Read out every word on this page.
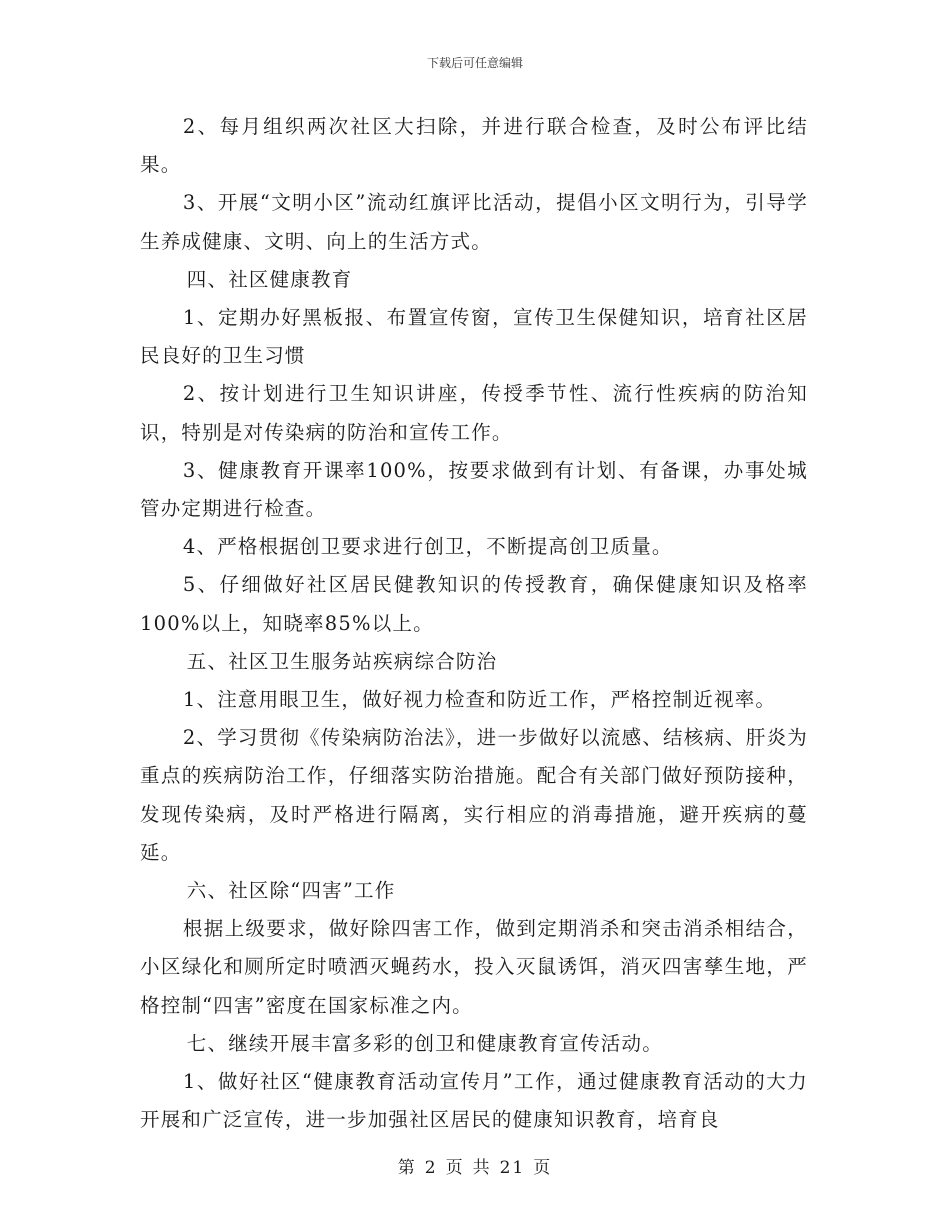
下载后可任意编辑

2、每月组织两次社区大扫除，并进行联合检查，及时公布评比结果。

3、开展“文明小区”流动红旗评比活动，提倡小区文明行为，引导学生养成健康、文明、向上的生活方式。

四、社区健康教育

1、定期办好黑板报、布置宣传窗，宣传卫生保健知识，培育社区居民良好的卫生习惯

2、按计划进行卫生知识讲座，传授季节性、流行性疾病的防治知识，特别是对传染病的防治和宣传工作。

3、健康教育开课率100%，按要求做到有计划、有备课，办事处城管办定期进行检查。

4、严格根据创卫要求进行创卫，不断提高创卫质量。

5、仔细做好社区居民健教知识的传授教育，确保健康知识及格率100%以上，知晓率85%以上。

五、社区卫生服务站疾病综合防治

1、注意用眼卫生，做好视力检查和防近工作，严格控制近视率。

2、学习贯彻《传染病防治法》，进一步做好以流感、结核病、肝炎为重点的疾病防治工作，仔细落实防治措施。配合有关部门做好预防接种，发现传染病，及时严格进行隔离，实行相应的消毒措施，避开疾病的蔓延。

六、社区除“四害”工作

根据上级要求，做好除四害工作，做到定期消杀和突击消杀相结合，小区绿化和厕所定时喷洒灭蝇药水，投入灭鼠诱饵，消灭四害孳生地，严格控制“四害”密度在国家标准之内。

七、继续开展丰富多彩的创卫和健康教育宣传活动。

1、做好社区“健康教育活动宣传月”工作，通过健康教育活动的大力开展和广泛宣传，进一步加强社区居民的健康知识教育，培育良

第 2 页 共 21 页
